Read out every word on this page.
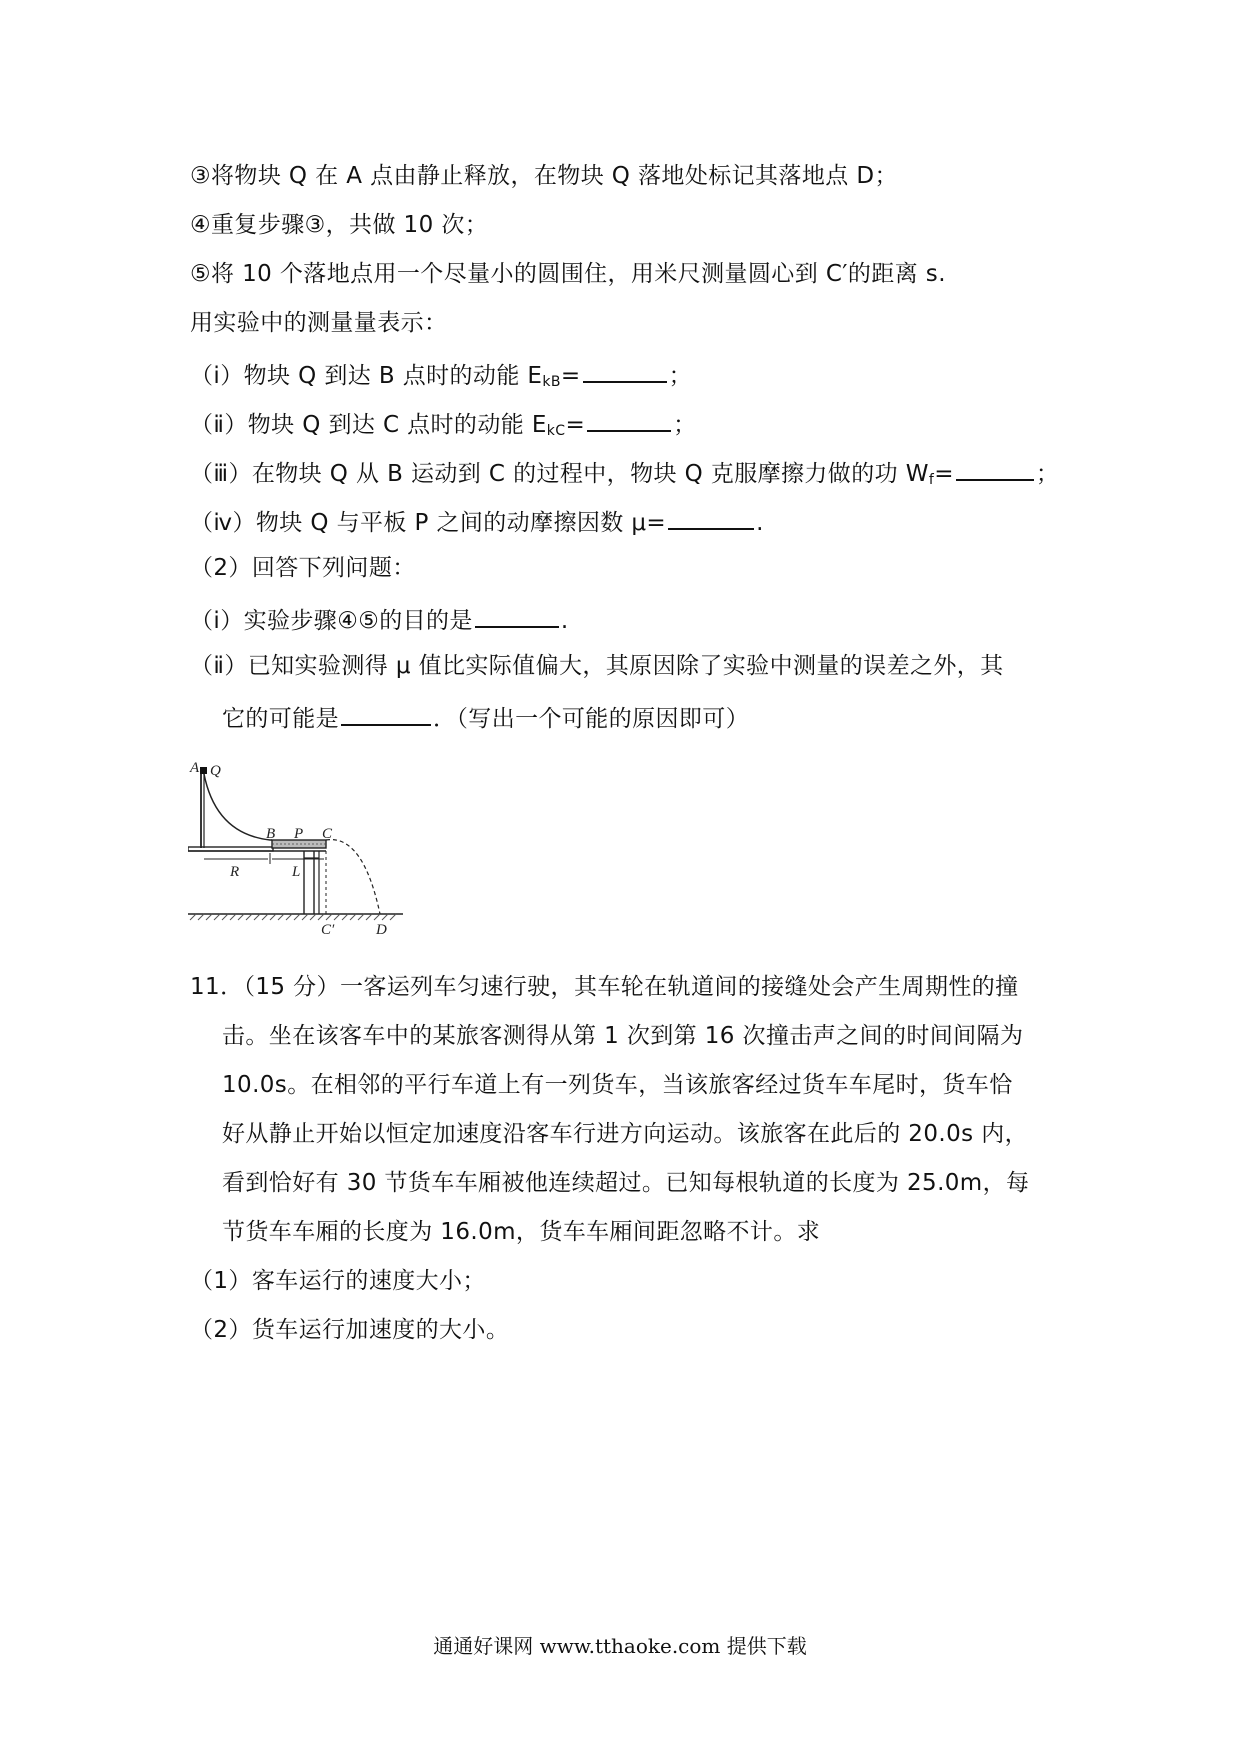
③将物块 Q 在 A 点由静止释放，在物块 Q 落地处标记其落地点 D；
④重复步骤③，共做 10 次；
⑤将 10 个落地点用一个尽量小的圆围住，用米尺测量圆心到 C′的距离 s.
用实验中的测量量表示：
（ⅰ）物块 Q 到达 B 点时的动能 $E_{kB}=$	；
（ⅱ）物块 Q 到达 C 点时的动能 $E_{kC}=$	；
（ⅲ）在物块 Q 从 B 运动到 C 的过程中，物块 Q 克服摩擦力做的功 $W_f=$	；
（ⅳ）物块 Q 与平板 P 之间的动摩擦因数 μ=	.
（2）回答下列问题：
（ⅰ）实验步骤④⑤的目的是	.
（ⅱ）已知实验测得 μ 值比实际值偏大，其原因除了实验中测量的误差之外，其
它的可能是	．（写出一个可能的原因即可）
A Q
B P C
R	L
C′	D
11．（15 分）一客运列车匀速行驶，其车轮在轨道间的接缝处会产生周期性的撞
击。坐在该客车中的某旅客测得从第 1 次到第 16 次撞击声之间的时间间隔为
10.0s。在相邻的平行车道上有一列货车，当该旅客经过货车车尾时，货车恰
好从静止开始以恒定加速度沿客车行进方向运动。该旅客在此后的 20.0s 内，
看到恰好有 30 节货车车厢被他连续超过。已知每根轨道的长度为 25.0m，每
节货车车厢的长度为 16.0m，货车车厢间距忽略不计。求
（1）客车运行的速度大小；
（2）货车运行加速度的大小。
通通好课网 www.tthaoke.com 提供下载
